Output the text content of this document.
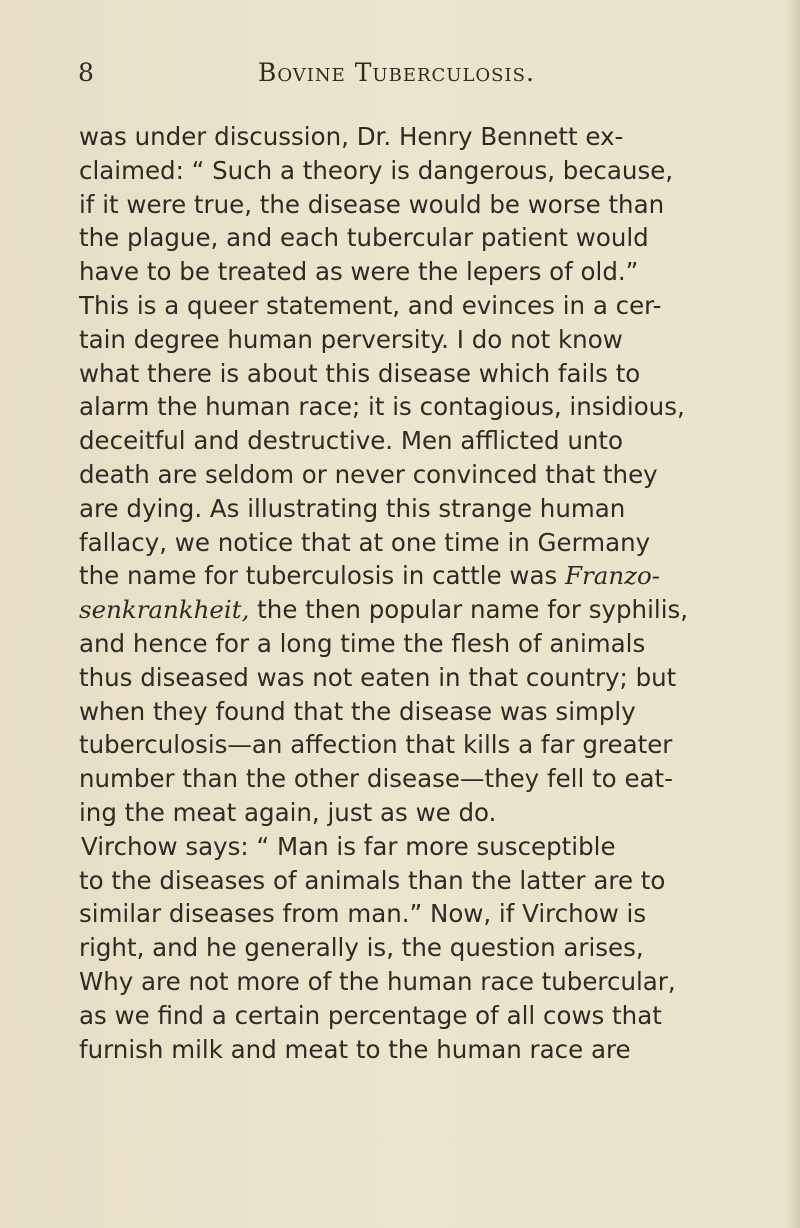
8	Bovine Tuberculosis.
was under discussion, Dr. Henry Bennett ex-
claimed: “ Such a theory is dangerous, because,
if it were true, the disease would be worse than
the plague, and each tubercular patient would
have to be treated as were the lepers of old.”
This is a queer statement, and evinces in a cer-
tain degree human perversity. I do not know
what there is about this disease which fails to
alarm the human race; it is contagious, insidious,
deceitful and destructive. Men afflicted unto
death are seldom or never convinced that they
are dying. As illustrating this strange human
fallacy, we notice that at one time in Germany
the name for tuberculosis in cattle was Franzo-
senkrankheit, the then popular name for syphilis,
and hence for a long time the flesh of animals
thus diseased was not eaten in that country; but
when they found that the disease was simply
tuberculosis—an affection that kills a far greater
number than the other disease—they fell to eat-
ing the meat again, just as we do.
Virchow says: “ Man is far more susceptible
to the diseases of animals than the latter are to
similar diseases from man.” Now, if Virchow is
right, and he generally is, the question arises,
Why are not more of the human race tubercular,
as we find a certain percentage of all cows that
furnish milk and meat to the human race are
